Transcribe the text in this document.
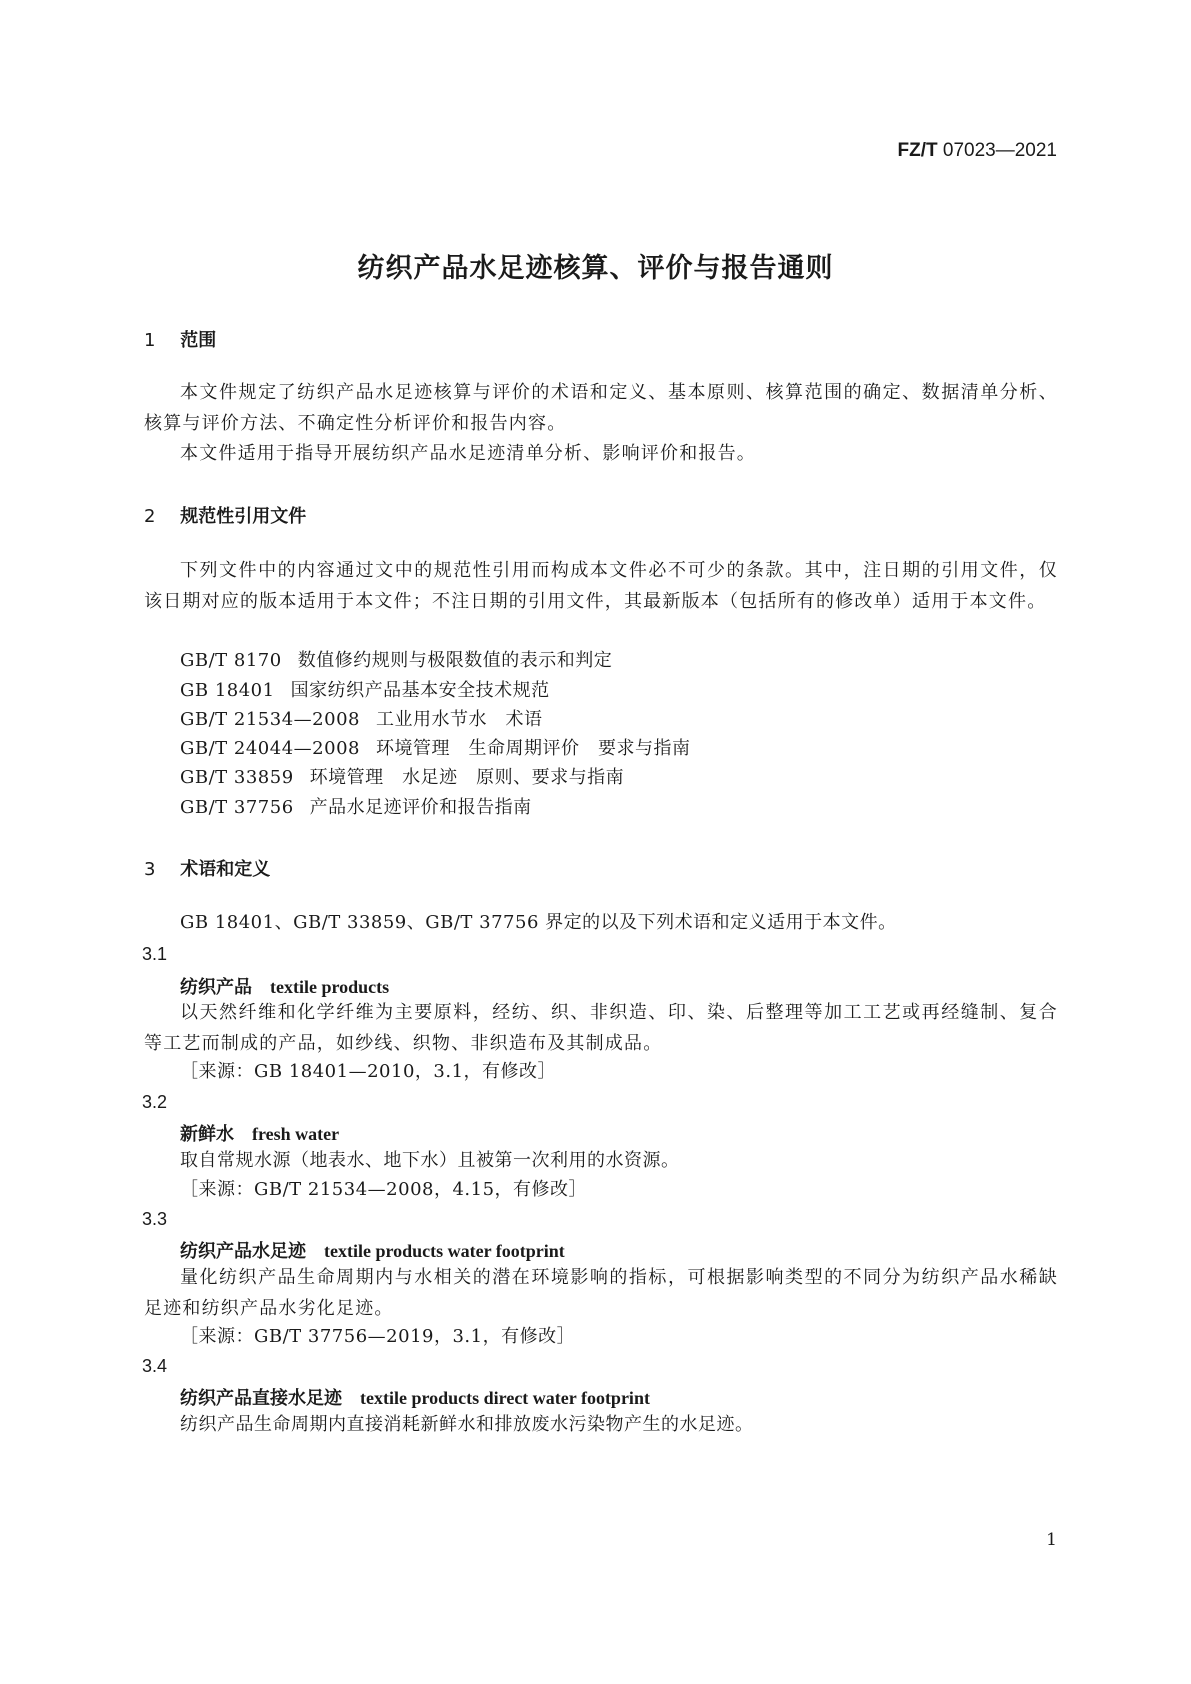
FZ/T 07023—2021
纺织产品水足迹核算、评价与报告通则
1 范围
本文件规定了纺织产品水足迹核算与评价的术语和定义、基本原则、核算范围的确定、数据清单分析、核算与评价方法、不确定性分析评价和报告内容。
本文件适用于指导开展纺织产品水足迹清单分析、影响评价和报告。
2 规范性引用文件
下列文件中的内容通过文中的规范性引用而构成本文件必不可少的条款。其中，注日期的引用文件，仅该日期对应的版本适用于本文件；不注日期的引用文件，其最新版本（包括所有的修改单）适用于本文件。
GB/T 8170 数值修约规则与极限数值的表示和判定
GB 18401 国家纺织产品基本安全技术规范
GB/T 21534—2008 工业用水节水　术语
GB/T 24044—2008 环境管理　生命周期评价　要求与指南
GB/T 33859 环境管理　水足迹　原则、要求与指南
GB/T 37756 产品水足迹评价和报告指南
3 术语和定义
GB 18401、GB/T 33859、GB/T 37756 界定的以及下列术语和定义适用于本文件。
3.1
纺织产品 textile products
以天然纤维和化学纤维为主要原料，经纺、织、非织造、印、染、后整理等加工工艺或再经缝制、复合等工艺而制成的产品，如纱线、织物、非织造布及其制成品。
［来源：GB 18401—2010，3.1，有修改］
3.2
新鲜水 fresh water
取自常规水源（地表水、地下水）且被第一次利用的水资源。
［来源：GB/T 21534—2008，4.15，有修改］
3.3
纺织产品水足迹 textile products water footprint
量化纺织产品生命周期内与水相关的潜在环境影响的指标，可根据影响类型的不同分为纺织产品水稀缺足迹和纺织产品水劣化足迹。
［来源：GB/T 37756—2019，3.1，有修改］
3.4
纺织产品直接水足迹 textile products direct water footprint
纺织产品生命周期内直接消耗新鲜水和排放废水污染物产生的水足迹。
1
